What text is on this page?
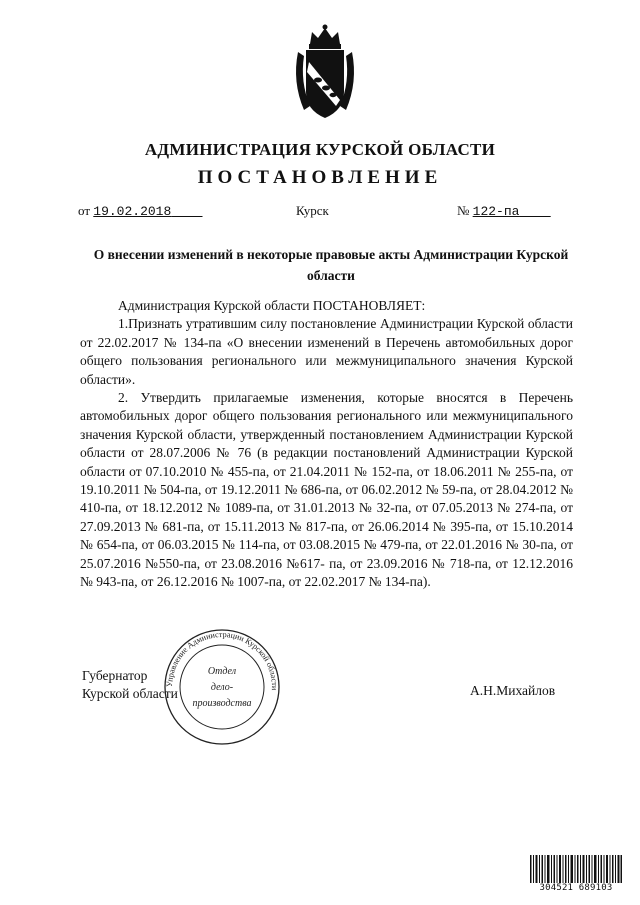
АДМИНИСТРАЦИЯ КУРСКОЙ ОБЛАСТИ
ПОСТАНОВЛЕНИЕ
от 19.02.2018	Курск	№ 122-па
О внесении изменений в некоторые правовые акты Администрации Курской области

Администрация Курской области ПОСТАНОВЛЯЕТ:

1.Признать утратившим силу постановление Администрации Курской области от 22.02.2017 № 134-па «О внесении изменений в Перечень автомобильных дорог общего пользования регионального или межмуниципального значения Курской области».

2. Утвердить прилагаемые изменения, которые вносятся в Перечень автомобильных дорог общего пользования регионального или межмуниципального значения Курской области, утвержденный постановлением Администрации Курской области от 28.07.2006 № 76 (в редакции постановлений Администрации Курской области от 07.10.2010 № 455-па, от 21.04.2011 № 152-па, от 18.06.2011 № 255-па, от 19.10.2011 № 504-па, от 19.12.2011 № 686-па, от 06.02.2012 № 59-па, от 28.04.2012 № 410-па, от 18.12.2012 № 1089-па, от 31.01.2013 № 32-па, от 07.05.2013 № 274-па, от 27.09.2013 № 681-па, от 15.11.2013 № 817-па, от 26.06.2014 № 395-па, от 15.10.2014 № 654-па, от 06.03.2015 № 114-па, от 03.08.2015 № 479-па, от 22.01.2016 № 30-па, от 25.07.2016 №550-па, от 23.08.2016 №617- па, от 23.09.2016 № 718-па, от 12.12.2016 № 943-па, от 26.12.2016 № 1007-па, от 22.02.2017 № 134-па).

Управление Администрации Курской области
Отдел
дело-
производства
Губернатор
Курской области	А.Н.Михайлов
304521 689103
